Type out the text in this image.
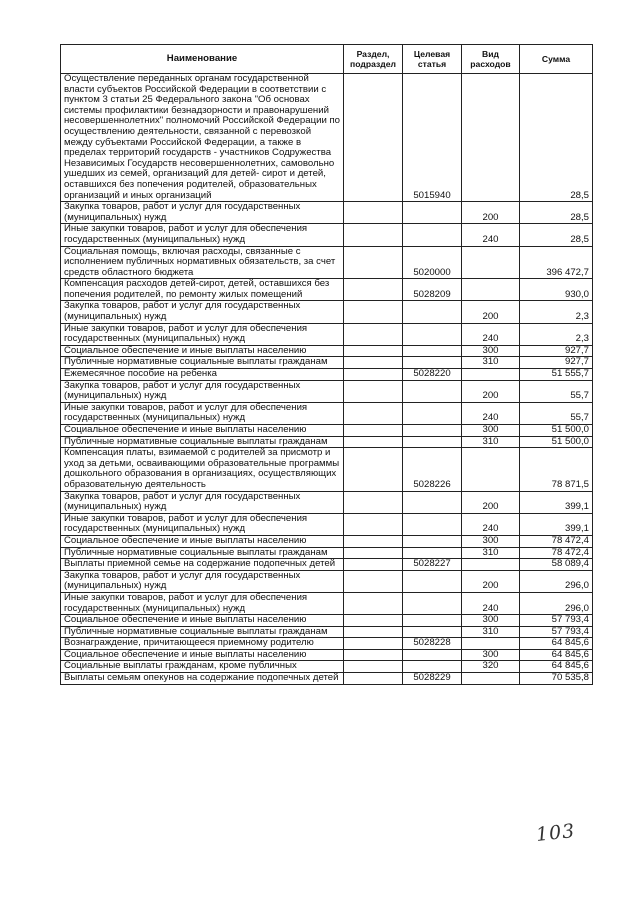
Наименование	Раздел, подраздел	Целевая статья	Вид расходов	Сумма
Осуществление переданных органам государственной власти субъектов Российской Федерации в соответствии с пунктом 3 статьи 25 Федерального закона "Об основах системы профилактики безнадзорности и правонарушений несовершеннолетних" полномочий Российской Федерации по осуществлению деятельности, связанной с перевозкой между субъектами Российской Федерации, а также в пределах территорий государств - участников Содружества Независимых Государств несовершеннолетних, самовольно ушедших из семей, организаций для детей- сирот и детей, оставшихся без попечения родителей, образовательных организаций и иных организаций		5015940		28,5
Закупка товаров, работ и услуг для государственных (муниципальных) нужд			200	28,5
Иные закупки товаров, работ и услуг для обеспечения государственных (муниципальных) нужд			240	28,5
Социальная помощь, включая расходы, связанные с исполнением публичных нормативных обязательств, за счет средств областного бюджета		5020000		396 472,7
Компенсация расходов детей-сирот, детей, оставшихся без попечения родителей, по ремонту жилых помещений		5028209		930,0
Закупка товаров, работ и услуг для государственных (муниципальных) нужд			200	2,3
Иные закупки товаров, работ и услуг для обеспечения государственных (муниципальных) нужд			240	2,3
Социальное обеспечение и иные выплаты населению			300	927,7
Публичные нормативные социальные выплаты гражданам			310	927,7
Ежемесячное пособие на ребенка		5028220		51 555,7
Закупка товаров, работ и услуг для государственных (муниципальных) нужд			200	55,7
Иные закупки товаров, работ и услуг для обеспечения государственных (муниципальных) нужд			240	55,7
Социальное обеспечение и иные выплаты населению			300	51 500,0
Публичные нормативные социальные выплаты гражданам			310	51 500,0
Компенсация платы, взимаемой с родителей за присмотр и уход за детьми, осваивающими образовательные программы дошкольного образования в организациях, осуществляющих образовательную деятельность		5028226		78 871,5
Закупка товаров, работ и услуг для государственных (муниципальных) нужд			200	399,1
Иные закупки товаров, работ и услуг для обеспечения государственных (муниципальных) нужд			240	399,1
Социальное обеспечение и иные выплаты населению			300	78 472,4
Публичные нормативные социальные выплаты гражданам			310	78 472,4
Выплаты приемной семье на содержание подопечных детей		5028227		58 089,4
Закупка товаров, работ и услуг для государственных (муниципальных) нужд			200	296,0
Иные закупки товаров, работ и услуг для обеспечения государственных (муниципальных) нужд			240	296,0
Социальное обеспечение и иные выплаты населению			300	57 793,4
Публичные нормативные социальные выплаты гражданам			310	57 793,4
Вознаграждение, причитающееся приемному родителю		5028228		64 845,6
Социальное обеспечение и иные выплаты населению			300	64 845,6
Социальные выплаты гражданам, кроме публичных			320	64 845,6
Выплаты семьям опекунов на содержание подопечных детей		5028229		70 535,8
103
